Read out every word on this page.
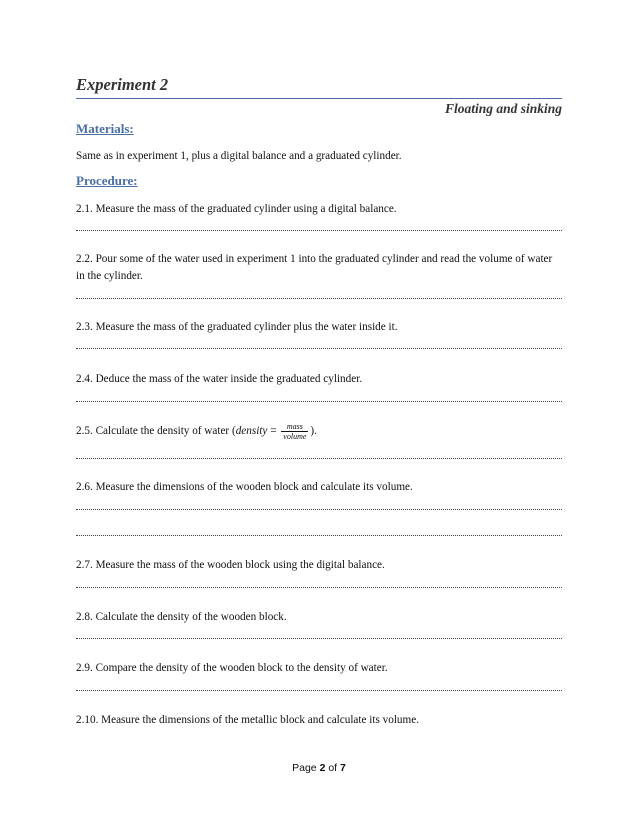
Experiment 2
Floating and sinking
Materials:
Same as in experiment 1, plus a digital balance and a graduated cylinder.
Procedure:
2.1. Measure the mass of the graduated cylinder using a digital balance.
2.2. Pour some of the water used in experiment 1 into the graduated cylinder and read the volume of water in the cylinder.
2.3. Measure the mass of the graduated cylinder plus the water inside it.
2.4. Deduce the mass of the water inside the graduated cylinder.
2.5. Calculate the density of water (density = $\frac{\text{mass}}{\text{volume}}$ ).
2.6. Measure the dimensions of the wooden block and calculate its volume.
2.7. Measure the mass of the wooden block using the digital balance.
2.8. Calculate the density of the wooden block.
2.9. Compare the density of the wooden block to the density of water.
2.10. Measure the dimensions of the metallic block and calculate its volume.
Page 2 of 7
